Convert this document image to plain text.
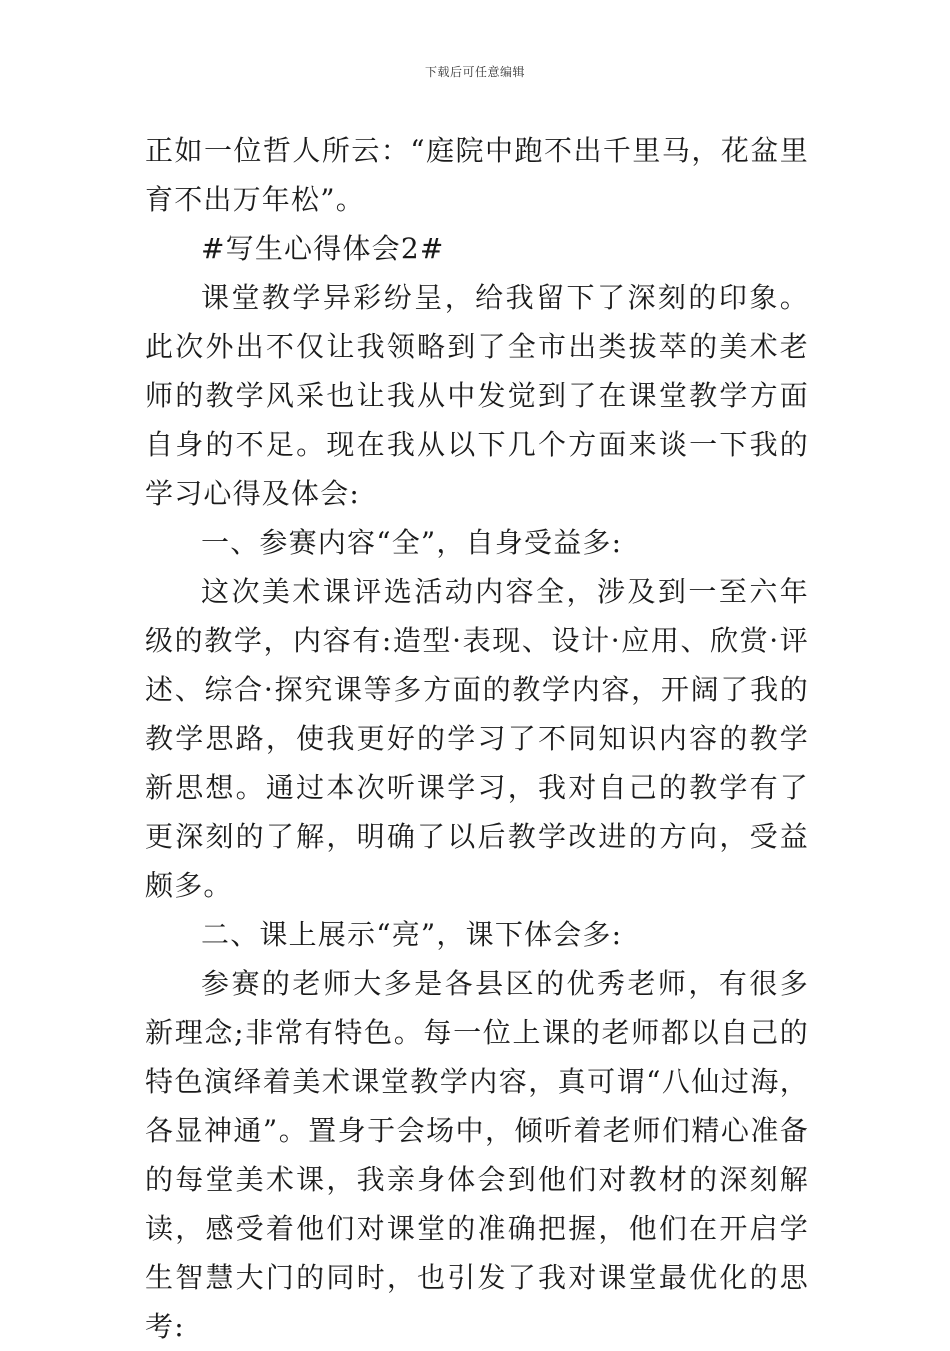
下载后可任意编辑

正如一位哲人所云：“庭院中跑不出千里马，花盆里育不出万年松”。

#写生心得体会2#

课堂教学异彩纷呈，给我留下了深刻的印象。此次外出不仅让我领略到了全市出类拔萃的美术老师的教学风采也让我从中发觉到了在课堂教学方面自身的不足。现在我从以下几个方面来谈一下我的学习心得及体会:

一、参赛内容“全”，自身受益多:

这次美术课评选活动内容全，涉及到一至六年级的教学，内容有:造型·表现、设计·应用、欣赏·评述、综合·探究课等多方面的教学内容，开阔了我的教学思路，使我更好的学习了不同知识内容的教学新思想。通过本次听课学习，我对自己的教学有了更深刻的了解，明确了以后教学改进的方向，受益颇多。

二、课上展示“亮”，课下体会多:

参赛的老师大多是各县区的优秀老师，有很多新理念;非常有特色。每一位上课的老师都以自己的特色演绎着美术课堂教学内容，真可谓“八仙过海，各显神通”。置身于会场中，倾听着老师们精心准备的每堂美术课，我亲身体会到他们对教材的深刻解读，感受着他们对课堂的准确把握，他们在开启学生智慧大门的同时，也引发了我对课堂最优化的思考:
